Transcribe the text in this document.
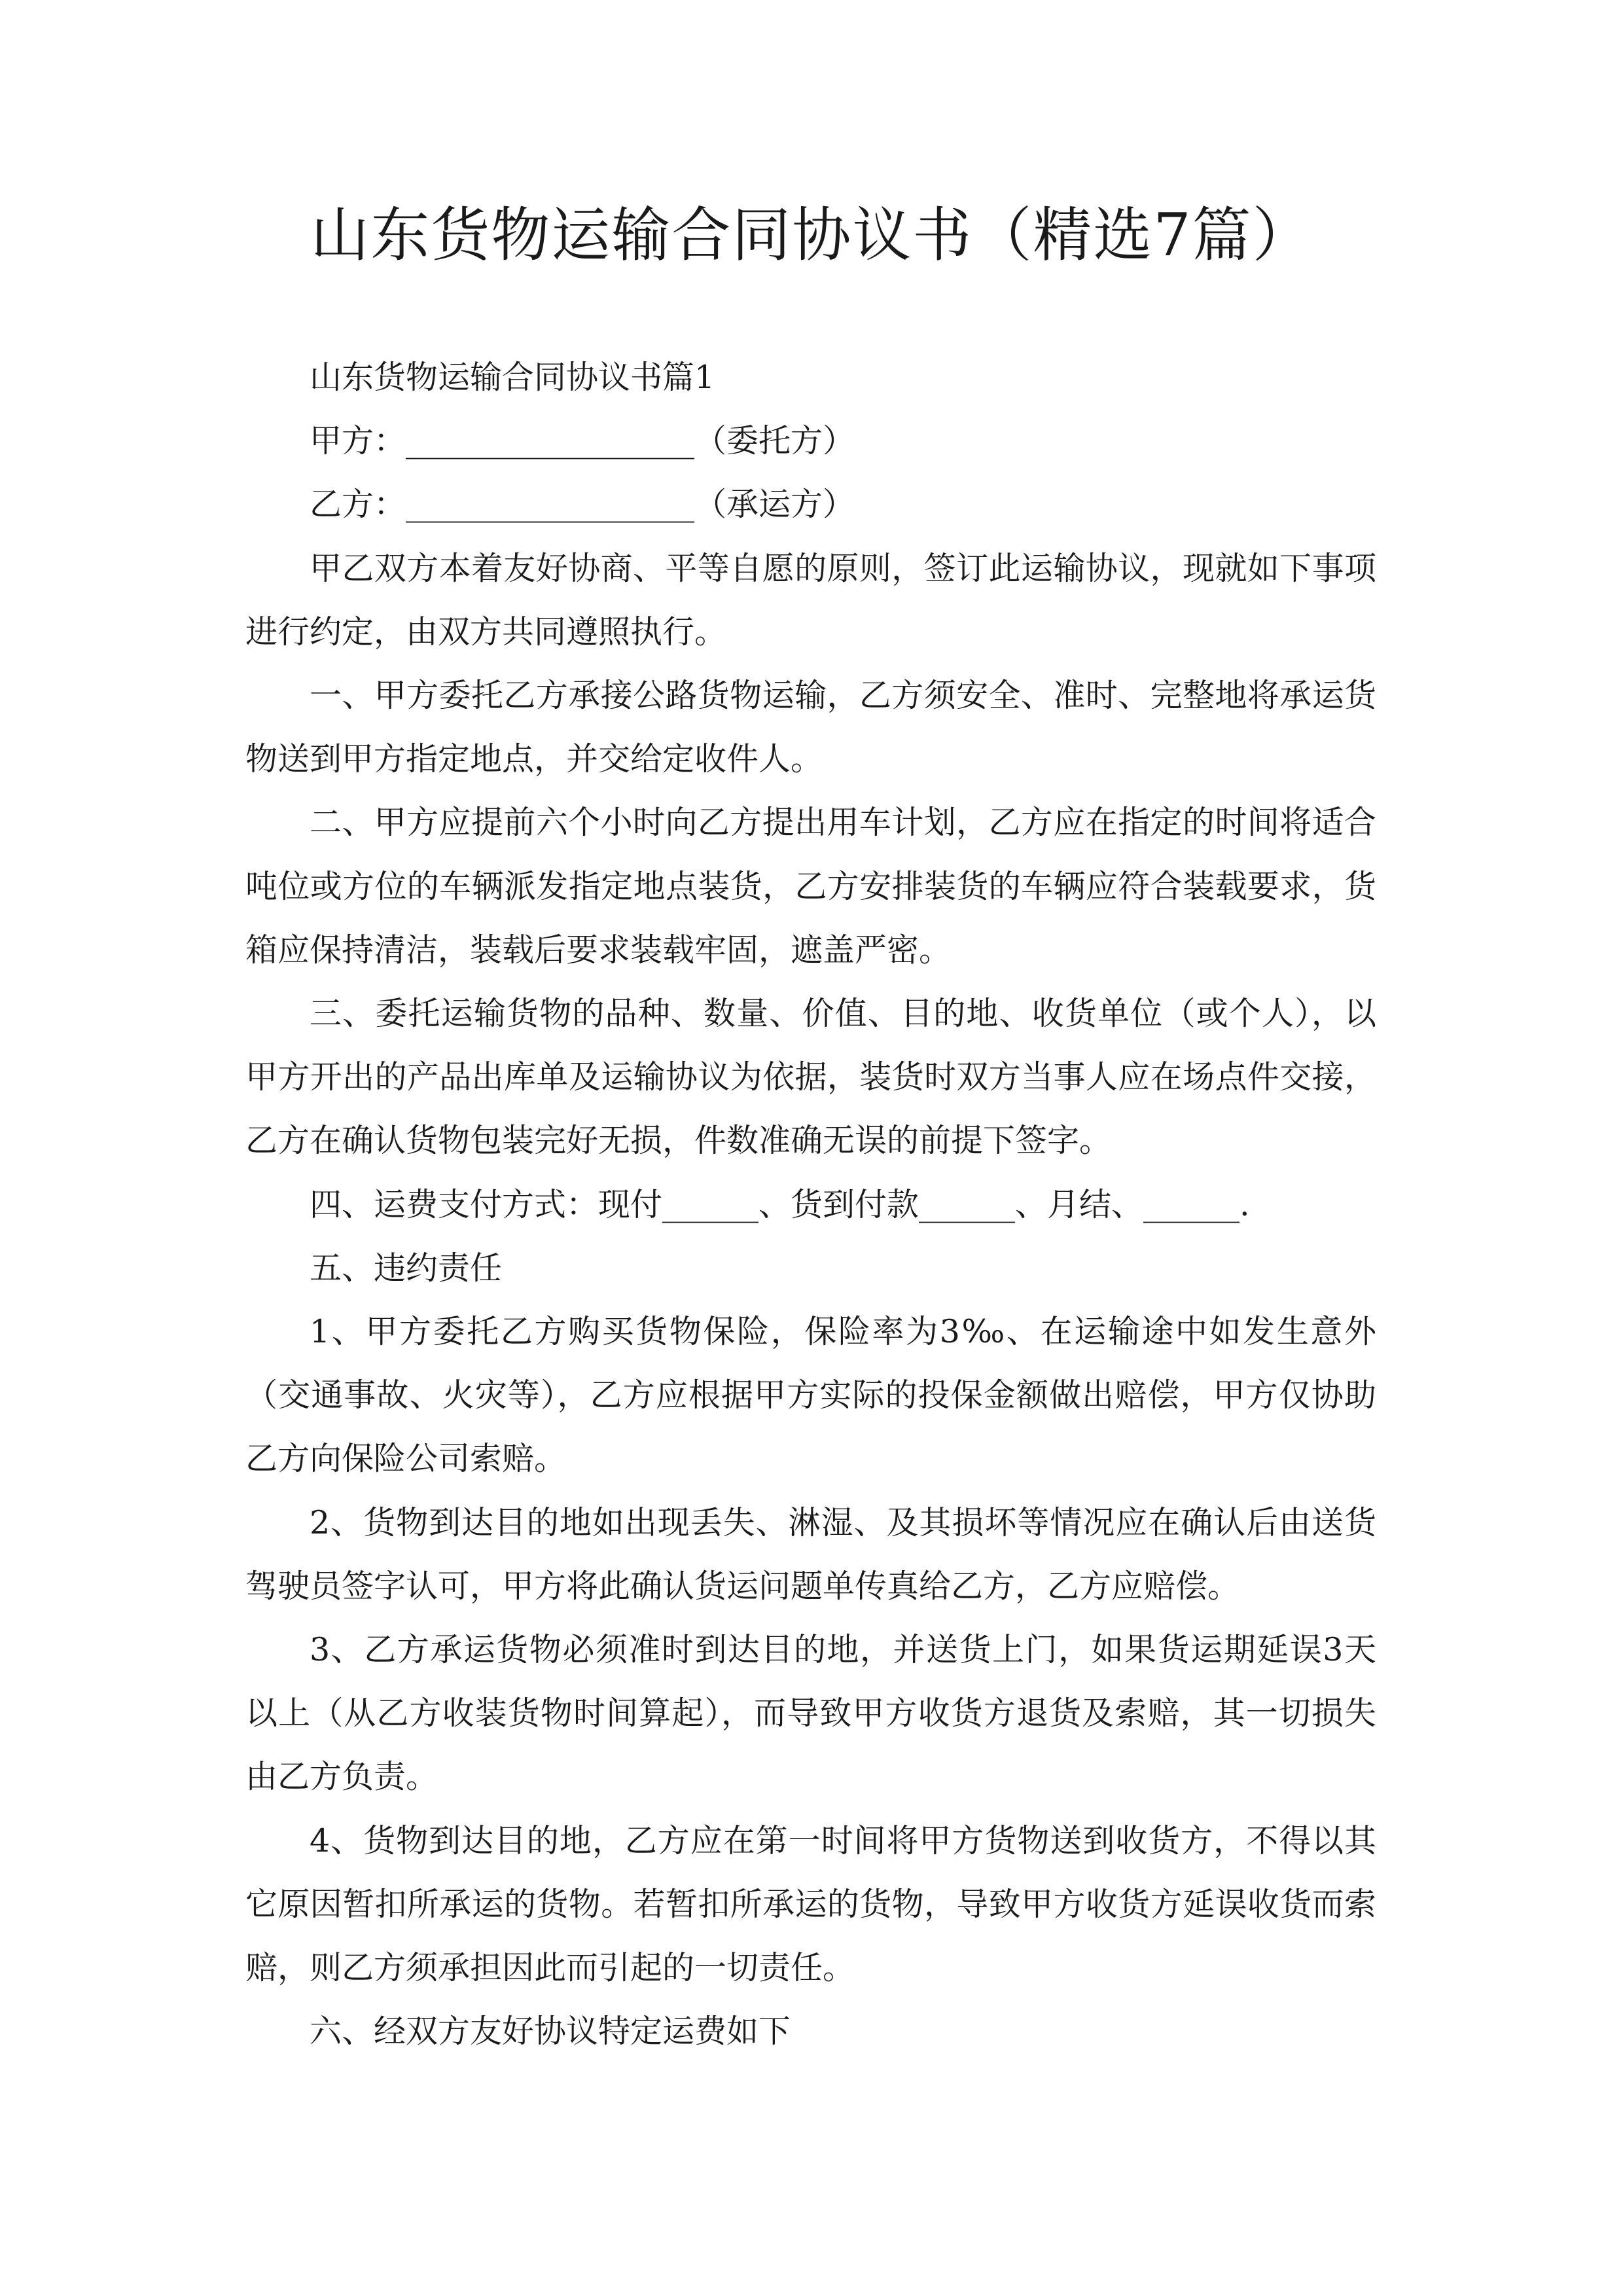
山东货物运输合同协议书（精选7篇）

山东货物运输合同协议书篇1

甲方：__________________（委托方）

乙方：__________________（承运方）

甲乙双方本着友好协商、平等自愿的原则，签订此运输协议，现就如下事项进行约定，由双方共同遵照执行。

一、甲方委托乙方承接公路货物运输，乙方须安全、准时、完整地将承运货物送到甲方指定地点，并交给定收件人。

二、甲方应提前六个小时向乙方提出用车计划，乙方应在指定的时间将适合吨位或方位的车辆派发指定地点装货，乙方安排装货的车辆应符合装载要求，货箱应保持清洁，装载后要求装载牢固，遮盖严密。

三、委托运输货物的品种、数量、价值、目的地、收货单位（或个人），以甲方开出的产品出库单及运输协议为依据，装货时双方当事人应在场点件交接，乙方在确认货物包装完好无损，件数准确无误的前提下签字。

四、运费支付方式：现付______、货到付款______、月结、______.

五、违约责任

1、甲方委托乙方购买货物保险，保险率为3‰、在运输途中如发生意外（交通事故、火灾等），乙方应根据甲方实际的投保金额做出赔偿，甲方仅协助乙方向保险公司索赔。

2、货物到达目的地如出现丢失、淋湿、及其损坏等情况应在确认后由送货驾驶员签字认可，甲方将此确认货运问题单传真给乙方，乙方应赔偿。

3、乙方承运货物必须准时到达目的地，并送货上门，如果货运期延误3天以上（从乙方收装货物时间算起），而导致甲方收货方退货及索赔，其一切损失由乙方负责。

4、货物到达目的地，乙方应在第一时间将甲方货物送到收货方，不得以其它原因暂扣所承运的货物。若暂扣所承运的货物，导致甲方收货方延误收货而索赔，则乙方须承担因此而引起的一切责任。

六、经双方友好协议特定运费如下
